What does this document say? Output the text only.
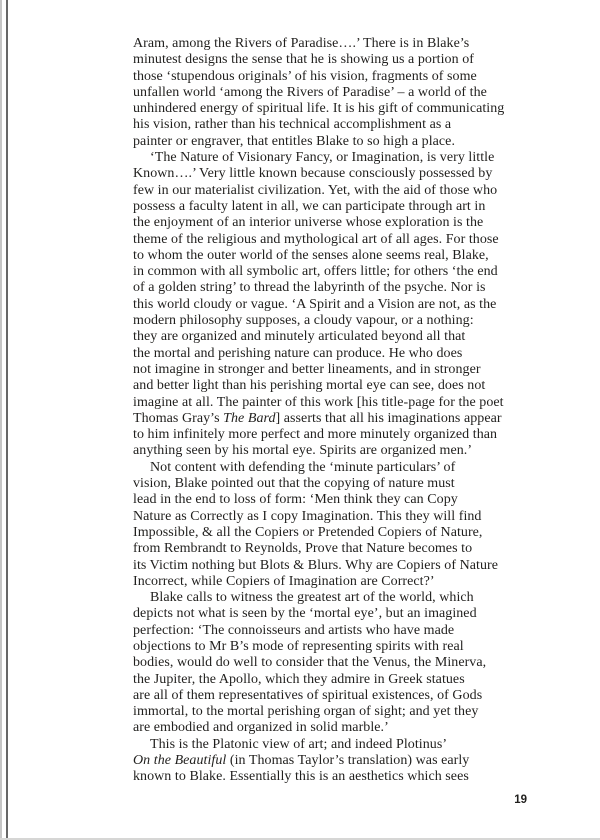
Aram, among the Rivers of Paradise….’ There is in Blake’s
minutest designs the sense that he is showing us a portion of
those ‘stupendous originals’ of his vision, fragments of some
unfallen world ‘among the Rivers of Paradise’ – a world of the
unhindered energy of spiritual life. It is his gift of communicating
his vision, rather than his technical accomplishment as a
painter or engraver, that entitles Blake to so high a place.

‘The Nature of Visionary Fancy, or Imagination, is very little
Known….’ Very little known because consciously possessed by
few in our materialist civilization. Yet, with the aid of those who
possess a faculty latent in all, we can participate through art in
the enjoyment of an interior universe whose exploration is the
theme of the religious and mythological art of all ages. For those
to whom the outer world of the senses alone seems real, Blake,
in common with all symbolic art, offers little; for others ‘the end
of a golden string’ to thread the labyrinth of the psyche. Nor is
this world cloudy or vague. ‘A Spirit and a Vision are not, as the
modern philosophy supposes, a cloudy vapour, or a nothing:
they are organized and minutely articulated beyond all that
the mortal and perishing nature can produce. He who does
not imagine in stronger and better lineaments, and in stronger
and better light than his perishing mortal eye can see, does not
imagine at all. The painter of this work [his title-page for the poet
Thomas Gray’s The Bard] asserts that all his imaginations appear
to him infinitely more perfect and more minutely organized than
anything seen by his mortal eye. Spirits are organized men.’

Not content with defending the ‘minute particulars’ of
vision, Blake pointed out that the copying of nature must
lead in the end to loss of form: ‘Men think they can Copy
Nature as Correctly as I copy Imagination. This they will find
Impossible, & all the Copiers or Pretended Copiers of Nature,
from Rembrandt to Reynolds, Prove that Nature becomes to
its Victim nothing but Blots & Blurs. Why are Copiers of Nature
Incorrect, while Copiers of Imagination are Correct?’

Blake calls to witness the greatest art of the world, which
depicts not what is seen by the ‘mortal eye’, but an imagined
perfection: ‘The connoisseurs and artists who have made
objections to Mr B’s mode of representing spirits with real
bodies, would do well to consider that the Venus, the Minerva,
the Jupiter, the Apollo, which they admire in Greek statues
are all of them representatives of spiritual existences, of Gods
immortal, to the mortal perishing organ of sight; and yet they
are embodied and organized in solid marble.’

This is the Platonic view of art; and indeed Plotinus’
On the Beautiful (in Thomas Taylor’s translation) was early
known to Blake. Essentially this is an aesthetics which sees

19
